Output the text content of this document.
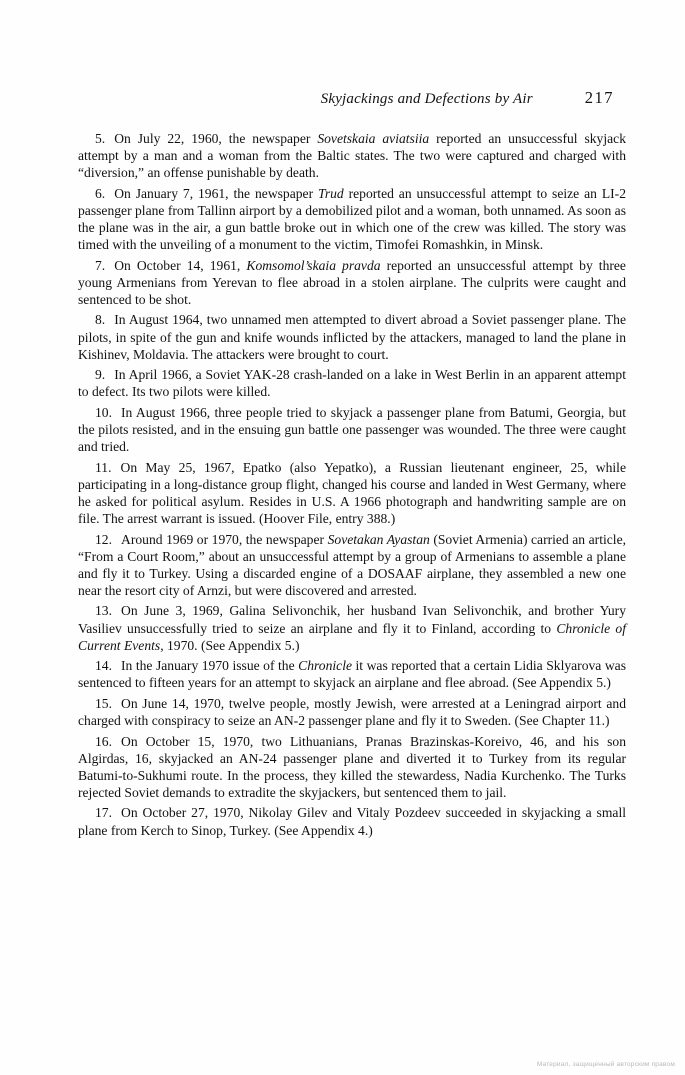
Skyjackings and Defections by Air	217

5. On July 22, 1960, the newspaper Sovetskaia aviatsiia reported an unsuccessful skyjack attempt by a man and a woman from the Baltic states. The two were captured and charged with “diversion,” an offense punishable by death.

6. On January 7, 1961, the newspaper Trud reported an unsuccessful attempt to seize an LI-2 passenger plane from Tallinn airport by a demobilized pilot and a woman, both unnamed. As soon as the plane was in the air, a gun battle broke out in which one of the crew was killed. The story was timed with the unveiling of a monument to the victim, Timofei Romashkin, in Minsk.

7. On October 14, 1961, Komsomol’skaia pravda reported an unsuccessful attempt by three young Armenians from Yerevan to flee abroad in a stolen airplane. The culprits were caught and sentenced to be shot.

8. In August 1964, two unnamed men attempted to divert abroad a Soviet passenger plane. The pilots, in spite of the gun and knife wounds inflicted by the attackers, managed to land the plane in Kishinev, Moldavia. The attackers were brought to court.

9. In April 1966, a Soviet YAK-28 crash-landed on a lake in West Berlin in an apparent attempt to defect. Its two pilots were killed.

10. In August 1966, three people tried to skyjack a passenger plane from Batumi, Georgia, but the pilots resisted, and in the ensuing gun battle one passenger was wounded. The three were caught and tried.

11. On May 25, 1967, Epatko (also Yepatko), a Russian lieutenant engineer, 25, while participating in a long-distance group flight, changed his course and landed in West Germany, where he asked for political asylum. Resides in U.S. A 1966 photograph and handwriting sample are on file. The arrest warrant is issued. (Hoover File, entry 388.)

12. Around 1969 or 1970, the newspaper Sovetakan Ayastan (Soviet Armenia) carried an article, “From a Court Room,” about an unsuccessful attempt by a group of Armenians to assemble a plane and fly it to Turkey. Using a discarded engine of a DOSAAF airplane, they assembled a new one near the resort city of Arnzi, but were discovered and arrested.

13. On June 3, 1969, Galina Selivonchik, her husband Ivan Selivonchik, and brother Yury Vasiliev unsuccessfully tried to seize an airplane and fly it to Finland, according to Chronicle of Current Events, 1970. (See Appendix 5.)

14. In the January 1970 issue of the Chronicle it was reported that a certain Lidia Sklyarova was sentenced to fifteen years for an attempt to skyjack an airplane and flee abroad. (See Appendix 5.)

15. On June 14, 1970, twelve people, mostly Jewish, were arrested at a Leningrad airport and charged with conspiracy to seize an AN-2 passenger plane and fly it to Sweden. (See Chapter 11.)

16. On October 15, 1970, two Lithuanians, Pranas Brazinskas-Koreivo, 46, and his son Algirdas, 16, skyjacked an AN-24 passenger plane and diverted it to Turkey from its regular Batumi-to-Sukhumi route. In the process, they killed the stewardess, Nadia Kurchenko. The Turks rejected Soviet demands to extradite the skyjackers, but sentenced them to jail.

17. On October 27, 1970, Nikolay Gilev and Vitaly Pozdeev succeeded in skyjacking a small plane from Kerch to Sinop, Turkey. (See Appendix 4.)

Материал, защищенный авторским правом
